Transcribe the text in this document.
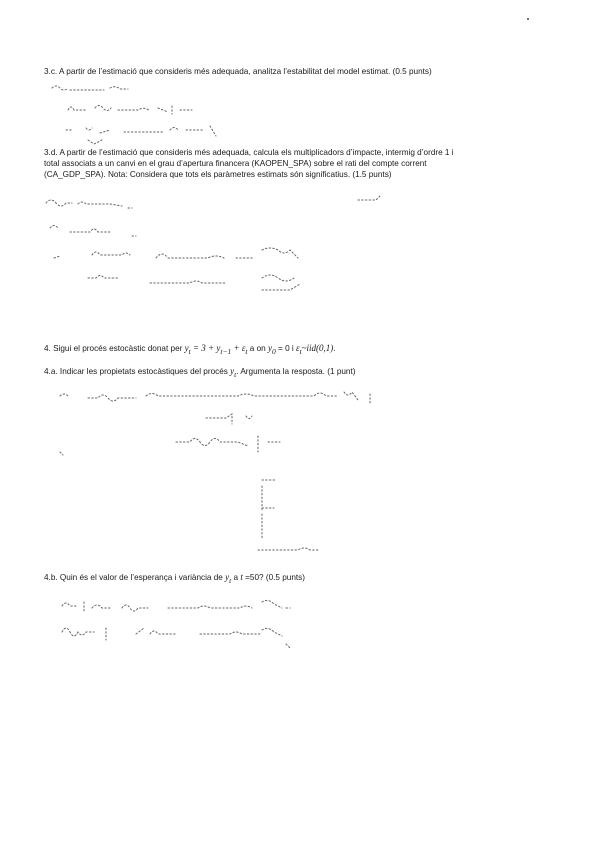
3.c. A partir de l’estimació que consideris més adequada, analitza l’estabilitat del model estimat. (0.5 punts)

3.d. A partir de l’estimació que consideris més adequada, calcula els multiplicadors d’impacte, intermig d’ordre 1 i
total associats a un canvi en el grau d’apertura financera (KAOPEN_SPA) sobre el rati del compte corrent
(CA_GDP_SPA). Nota: Considera que tots els paràmetres estimats són significatius. (1.5 punts)

4. Sigui el procés estocàstic donat per $y_t = 3 + y_{t-1} + \varepsilon_t$ a on $y_0 = 0$ i $\varepsilon_t\sim iid(0,1)$.

4.a. Indicar les propietats estocàstiques del procés $y_t$. Argumenta la resposta. (1 punt)

4.b. Quin és el valor de l’esperança i variància de $y_t$ a t =50? (0.5 punts)
